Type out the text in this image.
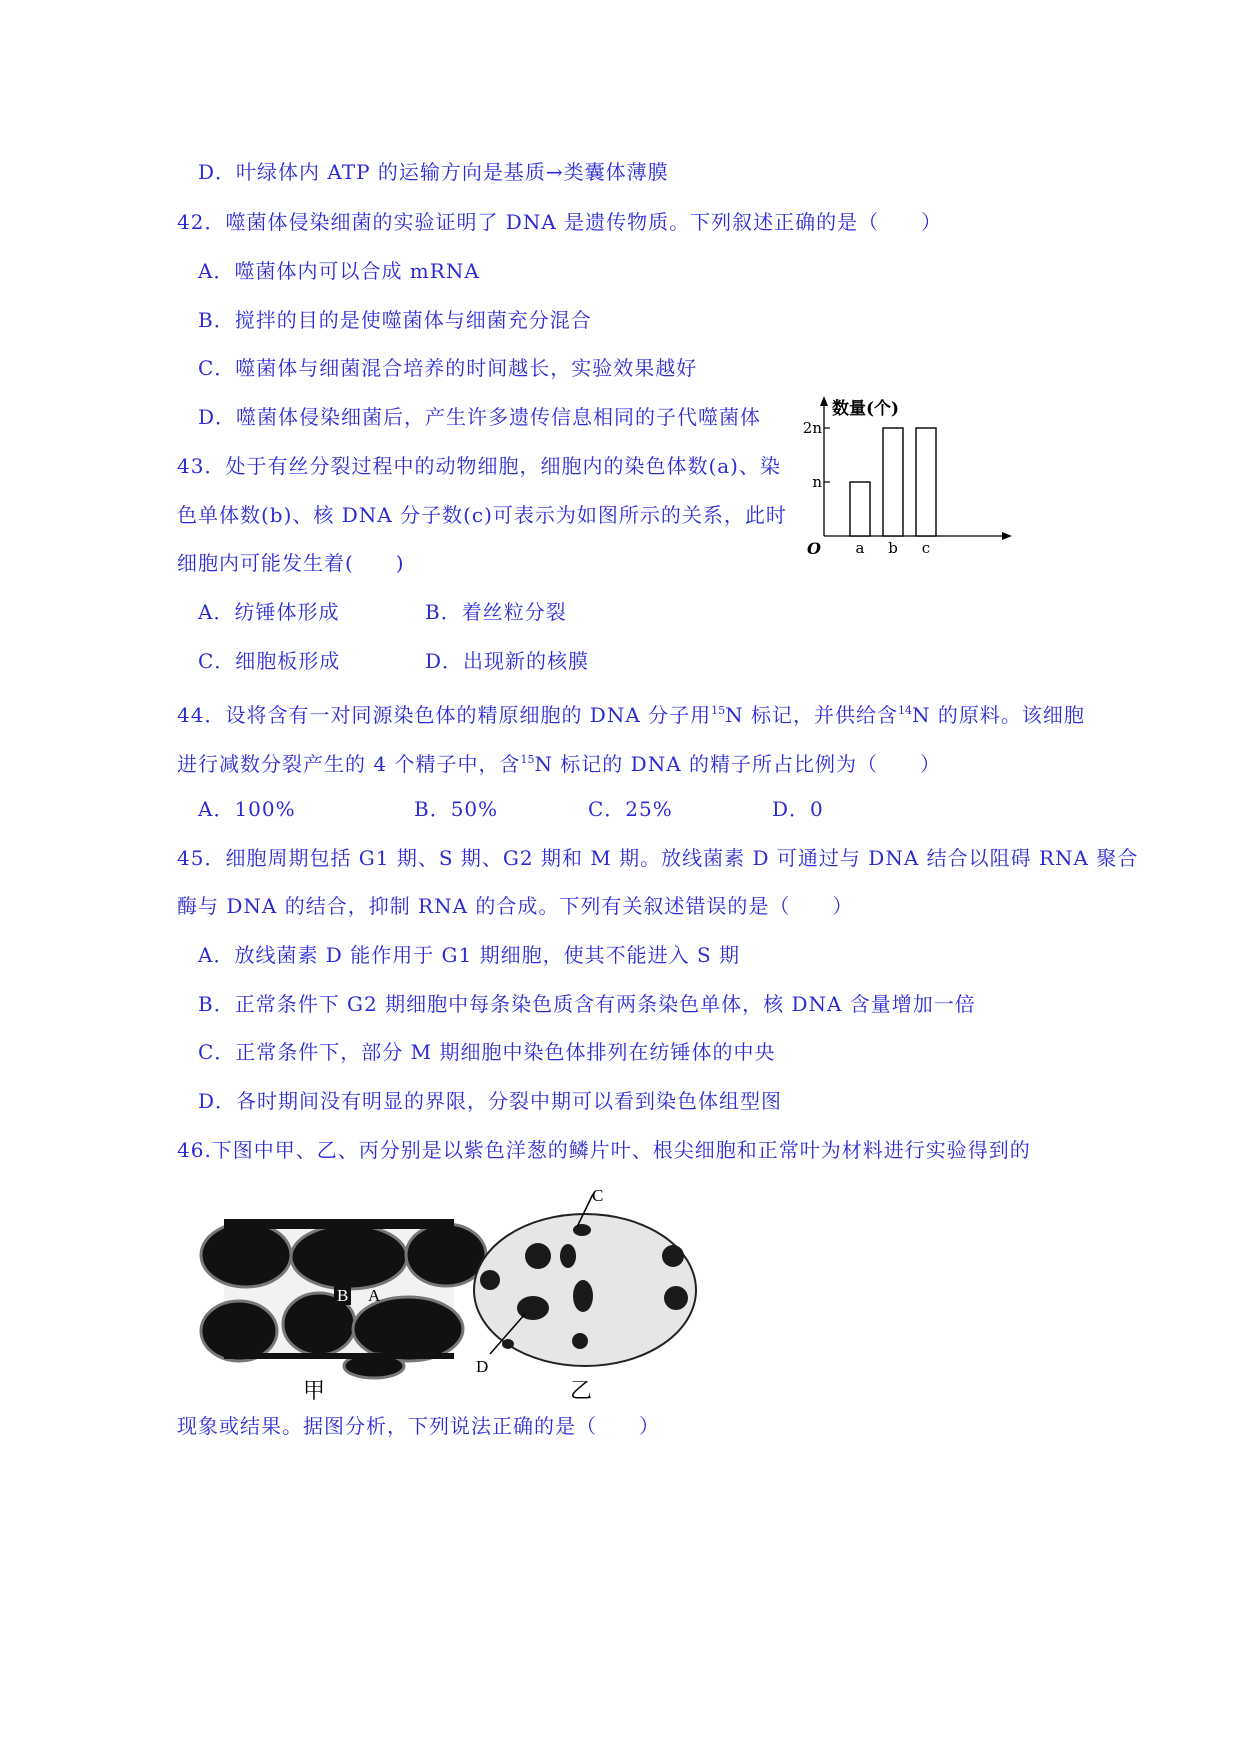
D．叶绿体内 ATP 的运输方向是基质→类囊体薄膜
42．噬菌体侵染细菌的实验证明了 DNA 是遗传物质。下列叙述正确的是（　　）
A．噬菌体内可以合成 mRNA
B．搅拌的目的是使噬菌体与细菌充分混合
C．噬菌体与细菌混合培养的时间越长，实验效果越好
D．噬菌体侵染细菌后，产生许多遗传信息相同的子代噬菌体
43．处于有丝分裂过程中的动物细胞，细胞内的染色体数(a)、染
色单体数(b)、核 DNA 分子数(c)可表示为如图所示的关系，此时
细胞内可能发生着(　　)
A．纺锤体形成	B．着丝粒分裂
C．细胞板形成	D．出现新的核膜
数量(个)
O
n
2n
a b c
44．设将含有一对同源染色体的精原细胞的 DNA 分子用$^{15}$N 标记，并供给含$^{14}$N 的原料。该细胞
进行减数分裂产生的 4 个精子中，含$^{15}$N 标记的 DNA 的精子所占比例为（　　）
A．100%	B．50%	C．25%	D．0
45．细胞周期包括 G1 期、S 期、G2 期和 M 期。放线菌素 D 可通过与 DNA 结合以阻碍 RNA 聚合
酶与 DNA 的结合，抑制 RNA 的合成。下列有关叙述错误的是（　　）
A．放线菌素 D 能作用于 G1 期细胞，使其不能进入 S 期
B．正常条件下 G2 期细胞中每条染色质含有两条染色单体，核 DNA 含量增加一倍
C．正常条件下，部分 M 期细胞中染色体排列在纺锤体的中央
D．各时期间没有明显的界限，分裂中期可以看到染色体组型图
46.下图中甲、乙、丙分别是以紫色洋葱的鳞片叶、根尖细胞和正常叶为材料进行实验得到的
B A
甲
C
D
乙
现象或结果。据图分析，下列说法正确的是（　　）
